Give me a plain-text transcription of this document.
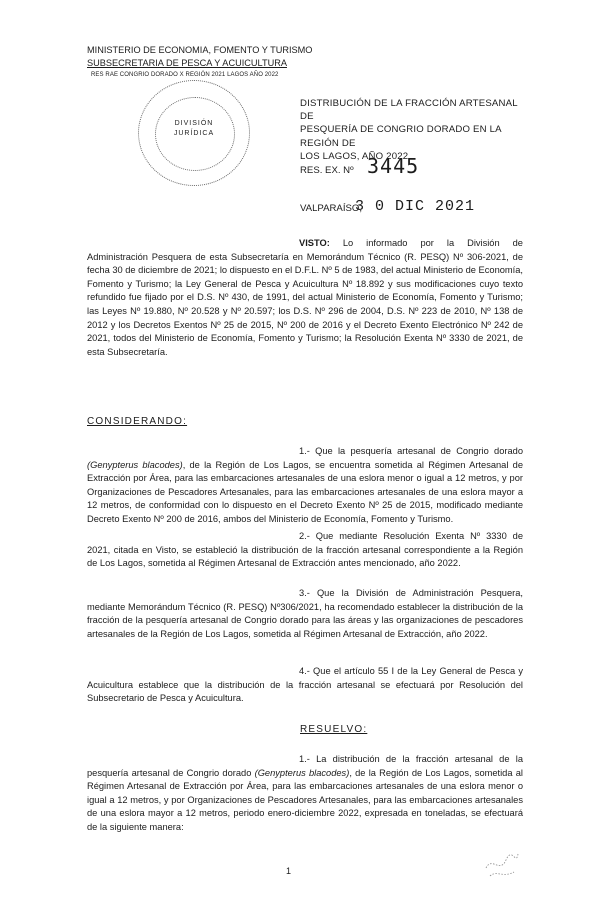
MINISTERIO DE ECONOMIA, FOMENTO Y TURISMO
SUBSECRETARIA DE PESCA Y ACUICULTURA
RES RAE CONGRIO DORADO X REGIÓN 2021 LAGOS AÑO 2022
DIVISIÓN
JURÍDICA
DISTRIBUCIÓN DE LA FRACCIÓN ARTESANAL DE
PESQUERÍA DE CONGRIO DORADO EN LA REGIÓN DE
LOS LAGOS, AÑO 2022.
RES. EX. Nº 3445
VALPARAÍSO,
3 0 DIC 2021
VISTO: Lo informado por la División de Administración Pesquera de esta Subsecretaría en Memorándum Técnico (R. PESQ) Nº 306-2021, de fecha 30 de diciembre de 2021; lo dispuesto en el D.F.L. Nº 5 de 1983, del actual Ministerio de Economía, Fomento y Turismo; la Ley General de Pesca y Acuicultura Nº 18.892 y sus modificaciones cuyo texto refundido fue fijado por el D.S. Nº 430, de 1991, del actual Ministerio de Economía, Fomento y Turismo; las Leyes Nº 19.880, Nº 20.528 y Nº 20.597; los D.S. Nº 296 de 2004, D.S. Nº 223 de 2010, Nº 138 de 2012 y los Decretos Exentos Nº 25 de 2015, Nº 200 de 2016 y el Decreto Exento Electrónico Nº 242 de 2021, todos del Ministerio de Economía, Fomento y Turismo; la Resolución Exenta Nº 3330 de 2021, de esta Subsecretaría.
CONSIDERANDO:
1.- Que la pesquería artesanal de Congrio dorado (Genypterus blacodes), de la Región de Los Lagos, se encuentra sometida al Régimen Artesanal de Extracción por Área, para las embarcaciones artesanales de una eslora menor o igual a 12 metros, y por Organizaciones de Pescadores Artesanales, para las embarcaciones artesanales de una eslora mayor a 12 metros, de conformidad con lo dispuesto en el Decreto Exento Nº 25 de 2015, modificado mediante Decreto Exento Nº 200 de 2016, ambos del Ministerio de Economía, Fomento y Turismo.
2.- Que mediante Resolución Exenta Nº 3330 de 2021, citada en Visto, se estableció la distribución de la fracción artesanal correspondiente a la Región de Los Lagos, sometida al Régimen Artesanal de Extracción antes mencionado, año 2022.
3.- Que la División de Administración Pesquera, mediante Memorándum Técnico (R. PESQ) Nº306/2021, ha recomendado establecer la distribución de la fracción de la pesquería artesanal de Congrio dorado para las áreas y las organizaciones de pescadores artesanales de la Región de Los Lagos, sometida al Régimen Artesanal de Extracción, año 2022.
4.- Que el artículo 55 I de la Ley General de Pesca y Acuicultura establece que la distribución de la fracción artesanal se efectuará por Resolución del Subsecretario de Pesca y Acuicultura.
RESUELVO:
1.- La distribución de la fracción artesanal de la pesquería artesanal de Congrio dorado (Genypterus blacodes), de la Región de Los Lagos, sometida al Régimen Artesanal de Extracción por Área, para las embarcaciones artesanales de una eslora menor o igual a 12 metros, y por Organizaciones de Pescadores Artesanales, para las embarcaciones artesanales de una eslora mayor a 12 metros, periodo enero-diciembre 2022, expresada en toneladas, se efectuará de la siguiente manera:
1
